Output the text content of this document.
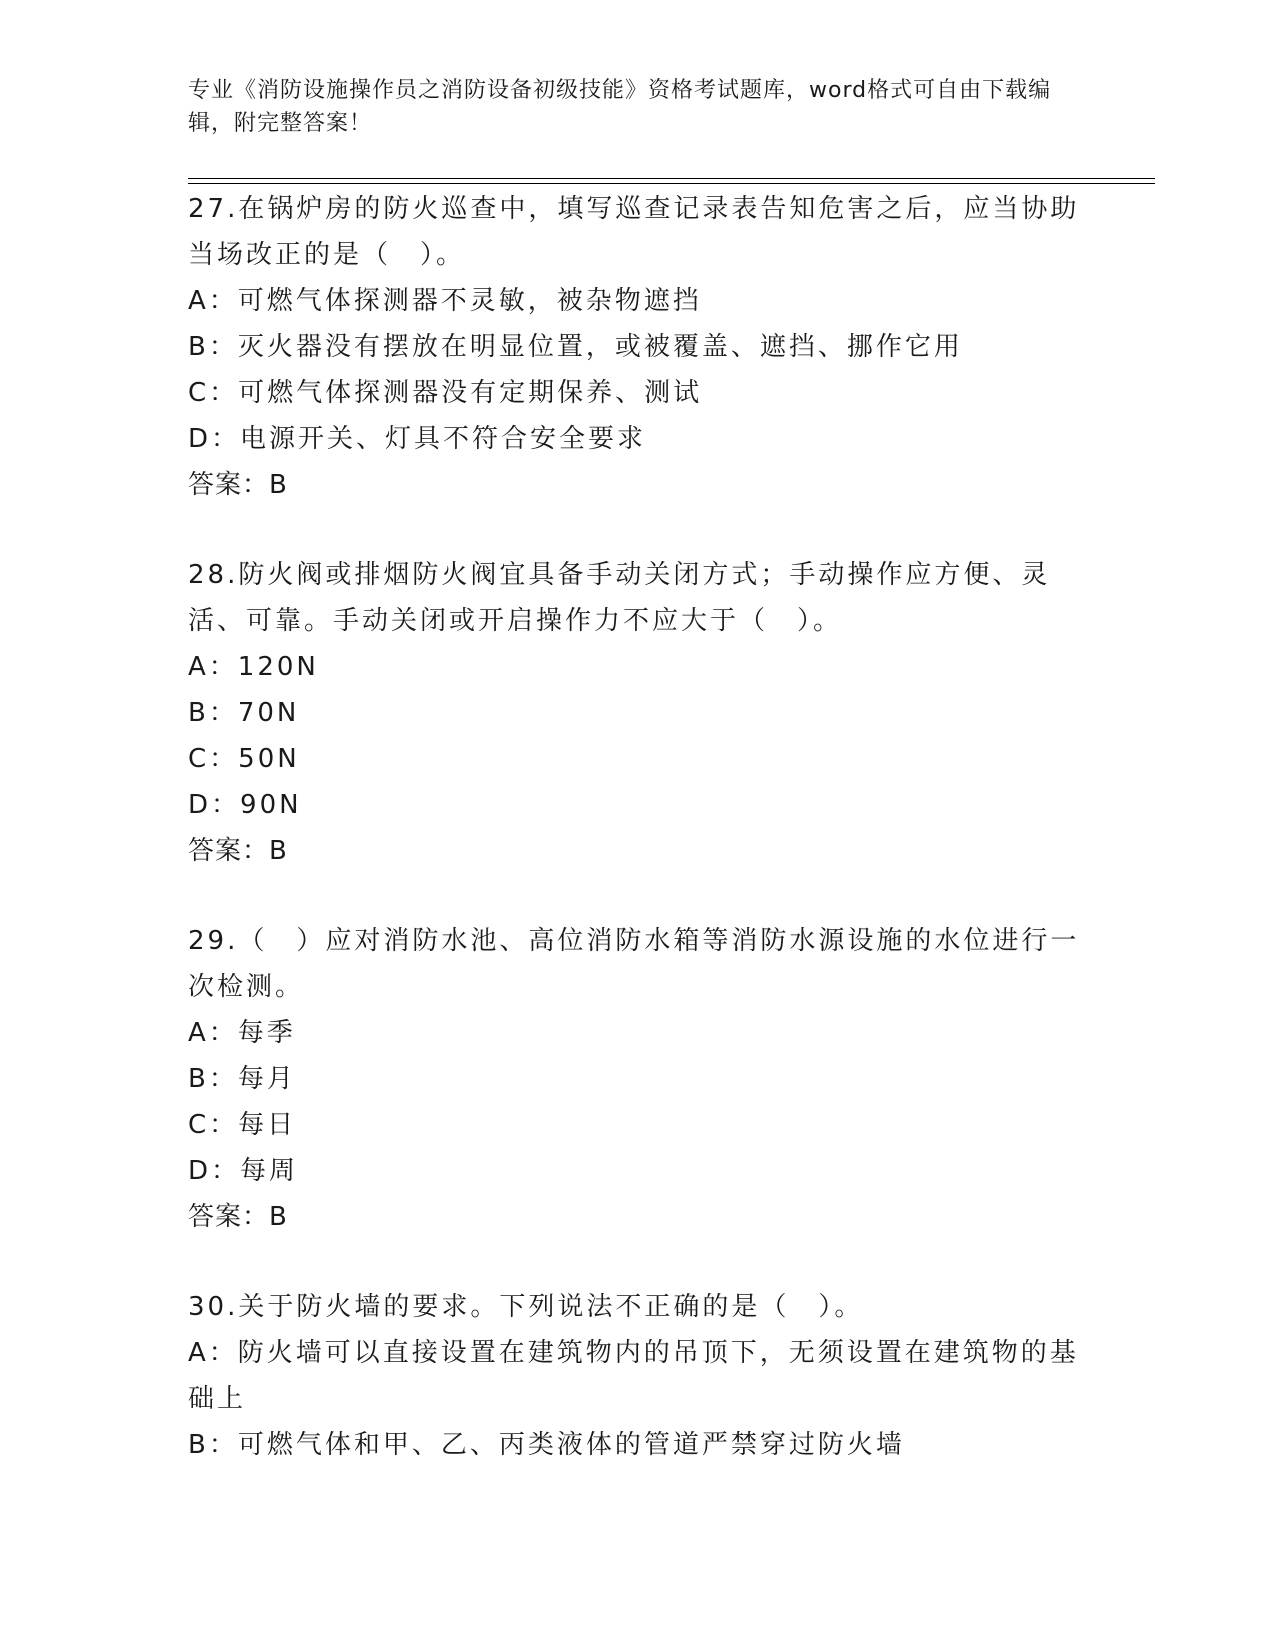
专业《消防设施操作员之消防设备初级技能》资格考试题库，word格式可自由下载编辑，附完整答案！

27.在锅炉房的防火巡查中，填写巡查记录表告知危害之后，应当协助当场改正的是（　）。

A：可燃气体探测器不灵敏，被杂物遮挡

B：灭火器没有摆放在明显位置，或被覆盖、遮挡、挪作它用

C：可燃气体探测器没有定期保养、测试

D：电源开关、灯具不符合安全要求

答案：B

28.防火阀或排烟防火阀宜具备手动关闭方式；手动操作应方便、灵活、可靠。手动关闭或开启操作力不应大于（　）。

A：120N

B：70N

C：50N

D：90N

答案：B

29.（　）应对消防水池、高位消防水箱等消防水源设施的水位进行一次检测。

A：每季

B：每月

C：每日

D：每周

答案：B

30.关于防火墙的要求。下列说法不正确的是（　）。

A：防火墙可以直接设置在建筑物内的吊顶下，无须设置在建筑物的基础上

B：可燃气体和甲、乙、丙类液体的管道严禁穿过防火墙
